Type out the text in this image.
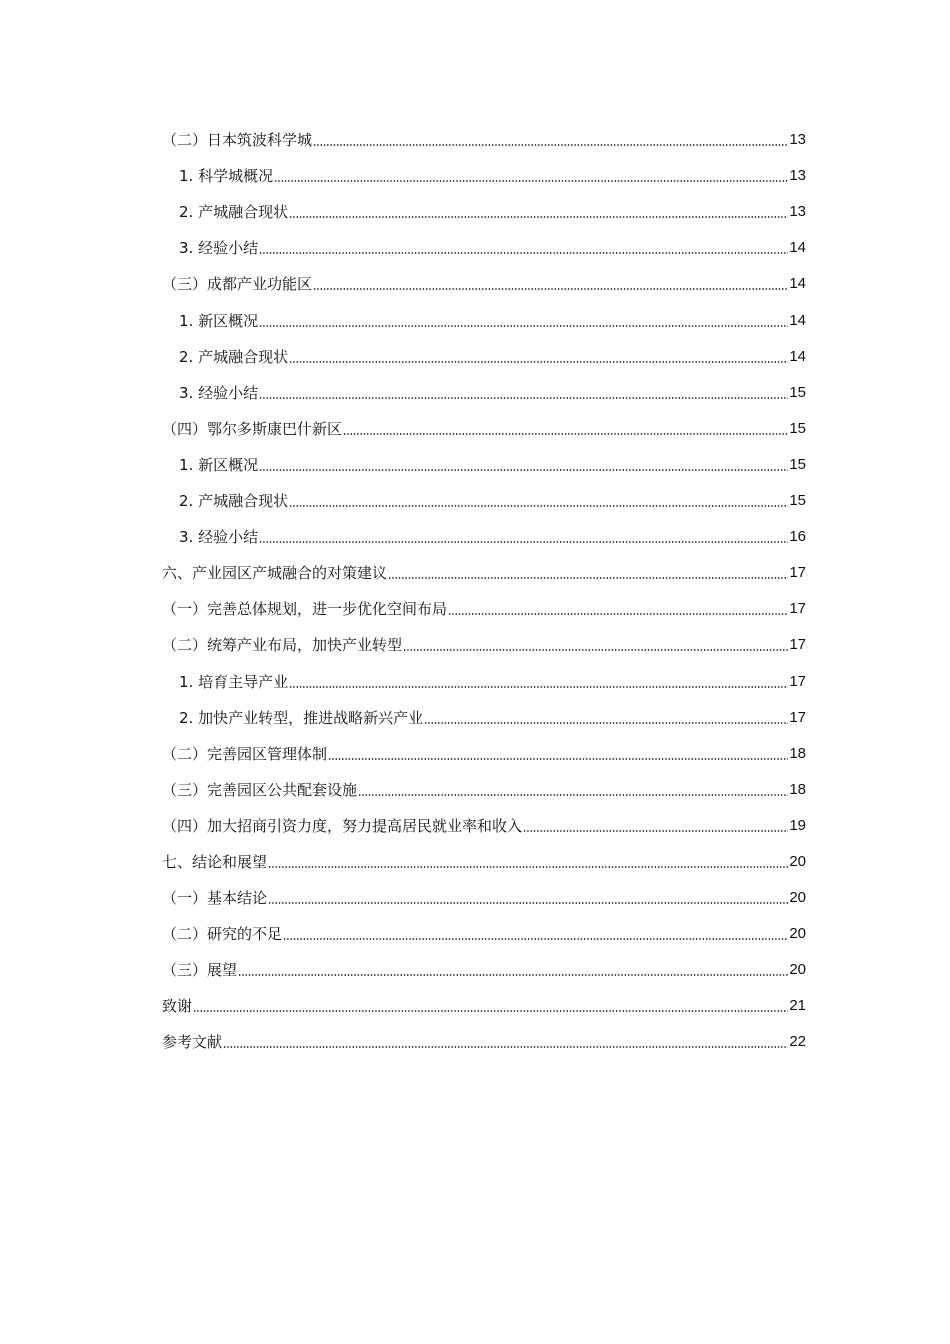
（二）日本筑波科学城	13
1. 科学城概况	13
2. 产城融合现状	13
3. 经验小结	14
（三）成都产业功能区	14
1. 新区概况	14
2. 产城融合现状	14
3. 经验小结	15
（四）鄂尔多斯康巴什新区	15
1. 新区概况	15
2. 产城融合现状	15
3. 经验小结	16
六、产业园区产城融合的对策建议	17
（一）完善总体规划，进一步优化空间布局	17
（二）统筹产业布局，加快产业转型	17
1. 培育主导产业	17
2. 加快产业转型，推进战略新兴产业	17
（二）完善园区管理体制	18
（三）完善园区公共配套设施	18
（四）加大招商引资力度，努力提高居民就业率和收入	19
七、结论和展望	20
（一）基本结论	20
（二）研究的不足	20
（三）展望	20
致谢	21
参考文献	22
